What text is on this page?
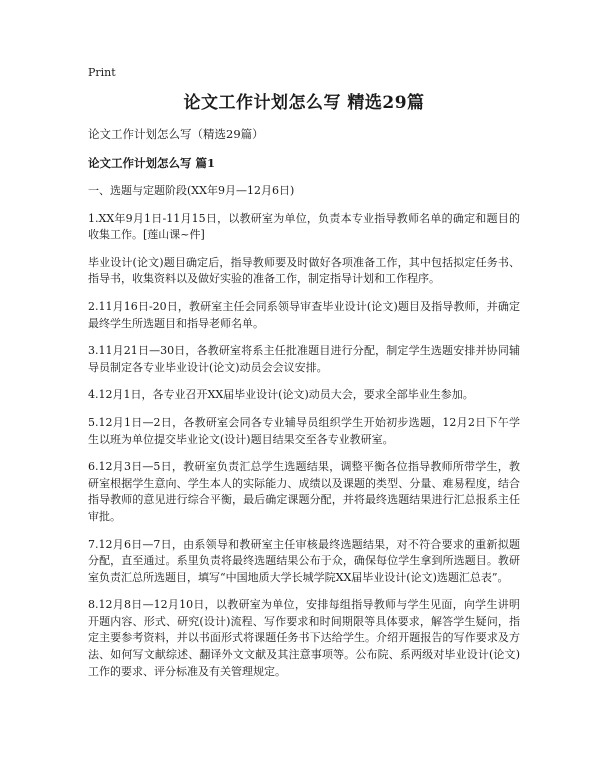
Print
论文工作计划怎么写 精选29篇
论文工作计划怎么写（精选29篇）
论文工作计划怎么写 篇1

一、选题与定题阶段(XX年9月—12月6日)

1.XX年9月1日-11月15日，以教研室为单位，负责本专业指导教师名单的确定和题目的收集工作。[莲山课~件]

毕业设计(论文)题目确定后，指导教师要及时做好各项准备工作，其中包括拟定任务书、指导书，收集资料以及做好实验的准备工作，制定指导计划和工作程序。

2.11月16日-20日，教研室主任会同系领导审查毕业设计(论文)题目及指导教师，并确定最终学生所选题目和指导老师名单。

3.11月21日—30日，各教研室将系主任批准题目进行分配，制定学生选题安排并协同辅导员制定各专业毕业设计(论文)动员会会议安排。

4.12月1日，各专业召开XX届毕业设计(论文)动员大会，要求全部毕业生参加。

5.12月1日—2日，各教研室会同各专业辅导员组织学生开始初步选题，12月2日下午学生以班为单位提交毕业论文(设计)题目结果交至各专业教研室。

6.12月3日—5日，教研室负责汇总学生选题结果，调整平衡各位指导教师所带学生，教研室根据学生意向、学生本人的实际能力、成绩以及课题的类型、分量、难易程度，结合指导教师的意见进行综合平衡，最后确定课题分配，并将最终选题结果进行汇总报系主任审批。

7.12月6日—7日，由系领导和教研室主任审核最终选题结果，对不符合要求的重新拟题分配，直至通过。系里负责将最终选题结果公布于众，确保每位学生拿到所选题目。教研室负责汇总所选题目，填写“中国地质大学长城学院XX届毕业设计(论文)选题汇总表”。

8.12月8日—12月10日，以教研室为单位，安排每组指导教师与学生见面，向学生讲明开题内容、形式、研究(设计)流程、写作要求和时间期限等具体要求，解答学生疑问，指定主要参考资料，并以书面形式将课题任务书下达给学生。介绍开题报告的写作要求及方法、如何写文献综述、翻译外文文献及其注意事项等。公布院、系两级对毕业设计(论文)工作的要求、评分标准及有关管理规定。
